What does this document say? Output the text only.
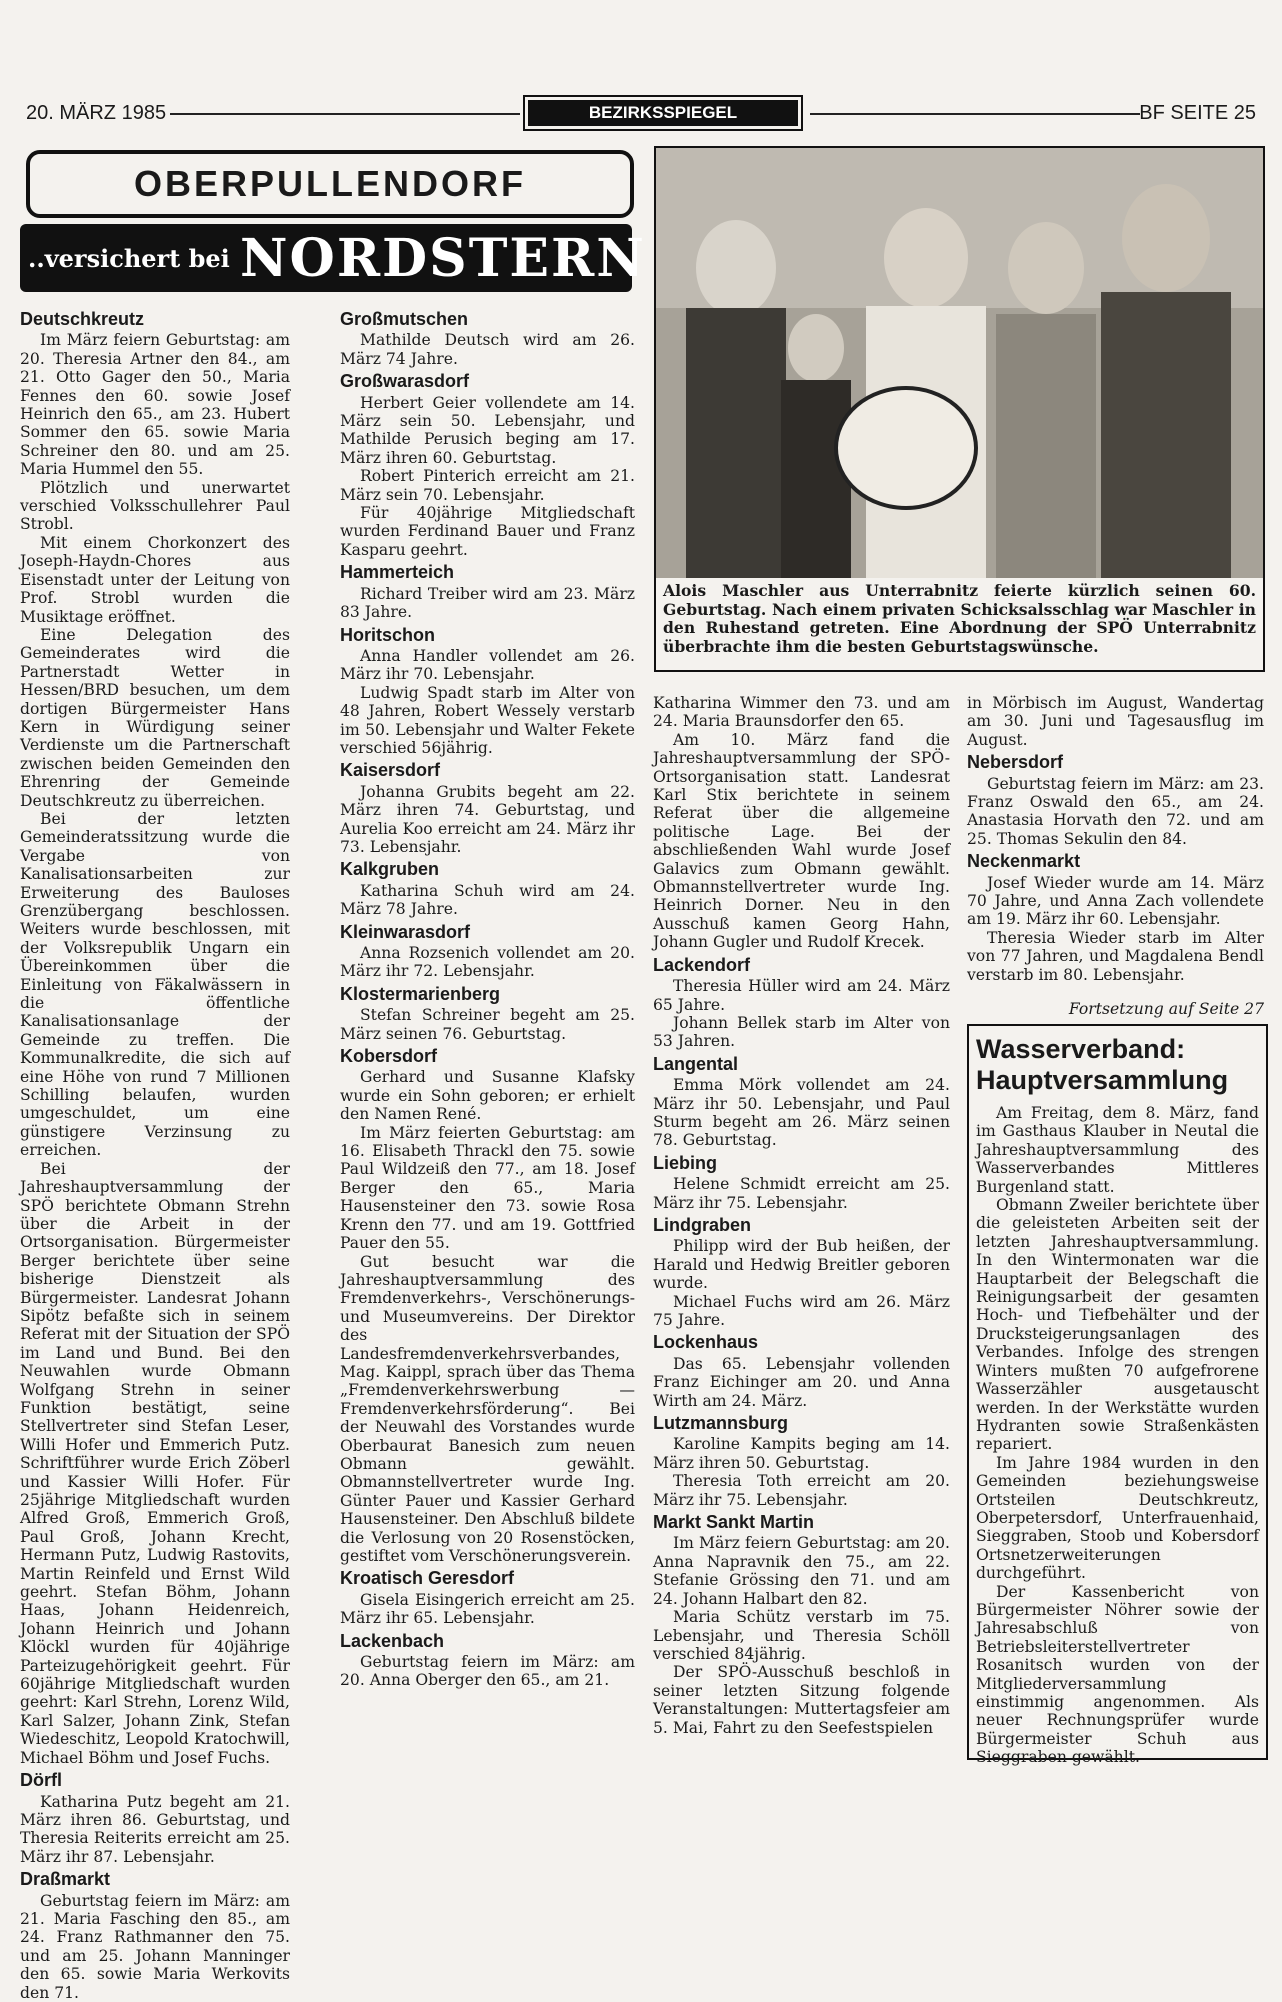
20. MÄRZ 1985	BEZIRKSSPIEGEL	BF SEITE 25
OBERPULLENDORF
..versichert bei NORDSTERN
Deutschkreutz

Im März feiern Geburtstag: am 20. Theresia Artner den 84., am 21. Otto Gager den 50., Maria Fennes den 60. sowie Josef Heinrich den 65., am 23. Hubert Sommer den 65. sowie Maria Schreiner den 80. und am 25. Maria Hummel den 55.

Plötzlich und unerwartet verschied Volksschullehrer Paul Strobl.

Mit einem Chorkonzert des Joseph-Haydn-Chores aus Eisenstadt unter der Leitung von Prof. Strobl wurden die Musiktage eröffnet.

Eine Delegation des Gemeinderates wird die Partnerstadt Wetter in Hessen/BRD besuchen, um dem dortigen Bürgermeister Hans Kern in Würdigung seiner Verdienste um die Partnerschaft zwischen beiden Gemeinden den Ehrenring der Gemeinde Deutschkreutz zu überreichen.

Bei der letzten Gemeinderatssitzung wurde die Vergabe von Kanalisationsarbeiten zur Erweiterung des Bauloses Grenzübergang beschlossen. Weiters wurde beschlossen, mit der Volksrepublik Ungarn ein Übereinkommen über die Einleitung von Fäkalwässern in die öffentliche Kanalisationsanlage der Gemeinde zu treffen. Die Kommunalkredite, die sich auf eine Höhe von rund 7 Millionen Schilling belaufen, wurden umgeschuldet, um eine günstigere Verzinsung zu erreichen.

Bei der Jahreshauptversammlung der SPÖ berichtete Obmann Strehn über die Arbeit in der Ortsorganisation. Bürgermeister Berger berichtete über seine bisherige Dienstzeit als Bürgermeister. Landesrat Johann Sipötz befaßte sich in seinem Referat mit der Situation der SPÖ im Land und Bund. Bei den Neuwahlen wurde Obmann Wolfgang Strehn in seiner Funktion bestätigt, seine Stellvertreter sind Stefan Leser, Willi Hofer und Emmerich Putz. Schriftführer wurde Erich Zöberl und Kassier Willi Hofer. Für 25jährige Mitgliedschaft wurden Alfred Groß, Emmerich Groß, Paul Groß, Johann Krecht, Hermann Putz, Ludwig Rastovits, Martin Reinfeld und Ernst Wild geehrt. Stefan Böhm, Johann Haas, Johann Heidenreich, Johann Heinrich und Johann Klöckl wurden für 40jährige Parteizugehörigkeit geehrt. Für 60jährige Mitgliedschaft wurden geehrt: Karl Strehn, Lorenz Wild, Karl Salzer, Johann Zink, Stefan Wiedeschitz, Leopold Kratochwill, Michael Böhm und Josef Fuchs.

Dörfl

Katharina Putz begeht am 21. März ihren 86. Geburtstag, und Theresia Reiterits erreicht am 25. März ihr 87. Lebensjahr.

Draßmarkt

Geburtstag feiern im März: am 21. Maria Fasching den 85., am 24. Franz Rathmanner den 75. und am 25. Johann Manninger den 65. sowie Maria Werkovits den 71.

Großmutschen

Mathilde Deutsch wird am 26. März 74 Jahre.

Großwarasdorf

Herbert Geier vollendete am 14. März sein 50. Lebensjahr, und Mathilde Perusich beging am 17. März ihren 60. Geburtstag.

Robert Pinterich erreicht am 21. März sein 70. Lebensjahr.

Für 40jährige Mitgliedschaft wurden Ferdinand Bauer und Franz Kasparu geehrt.

Hammerteich

Richard Treiber wird am 23. März 83 Jahre.

Horitschon

Anna Handler vollendet am 26. März ihr 70. Lebensjahr.

Ludwig Spadt starb im Alter von 48 Jahren, Robert Wessely verstarb im 50. Lebensjahr und Walter Fekete verschied 56jährig.

Kaisersdorf

Johanna Grubits begeht am 22. März ihren 74. Geburtstag, und Aurelia Koo erreicht am 24. März ihr 73. Lebensjahr.

Kalkgruben

Katharina Schuh wird am 24. März 78 Jahre.

Kleinwarasdorf

Anna Rozsenich vollendet am 20. März ihr 72. Lebensjahr.

Klostermarienberg

Stefan Schreiner begeht am 25. März seinen 76. Geburtstag.

Kobersdorf

Gerhard und Susanne Klafsky wurde ein Sohn geboren; er erhielt den Namen René.

Im März feierten Geburtstag: am 16. Elisabeth Thrackl den 75. sowie Paul Wildzeiß den 77., am 18. Josef Berger den 65., Maria Hausensteiner den 73. sowie Rosa Krenn den 77. und am 19. Gottfried Pauer den 55.

Gut besucht war die Jahreshauptversammlung des Fremdenverkehrs-, Verschönerungs- und Museumvereins. Der Direktor des Landesfremdenverkehrsverbandes, Mag. Kaippl, sprach über das Thema „Fremdenverkehrswerbung — Fremdenverkehrsförderung“. Bei der Neuwahl des Vorstandes wurde Oberbaurat Banesich zum neuen Obmann gewählt. Obmannstellvertreter wurde Ing. Günter Pauer und Kassier Gerhard Hausensteiner. Den Abschluß bildete die Verlosung von 20 Rosenstöcken, gestiftet vom Verschönerungsverein.

Kroatisch Geresdorf

Gisela Eisingerich erreicht am 25. März ihr 65. Lebensjahr.

Lackenbach

Geburtstag feiern im März: am 20. Anna Oberger den 65., am 21.

Alois Maschler aus Unterrabnitz feierte kürzlich seinen 60. Geburtstag. Nach einem privaten Schicksalsschlag war Maschler in den Ruhestand getreten. Eine Abordnung der SPÖ Unterrabnitz überbrachte ihm die besten Geburtstagswünsche.

Katharina Wimmer den 73. und am 24. Maria Braunsdorfer den 65.

Am 10. März fand die Jahreshauptversammlung der SPÖ-Ortsorganisation statt. Landesrat Karl Stix berichtete in seinem Referat über die allgemeine politische Lage. Bei der abschließenden Wahl wurde Josef Galavics zum Obmann gewählt. Obmannstellvertreter wurde Ing. Heinrich Dorner. Neu in den Ausschuß kamen Georg Hahn, Johann Gugler und Rudolf Krecek.

Lackendorf

Theresia Hüller wird am 24. März 65 Jahre.

Johann Bellek starb im Alter von 53 Jahren.

Langental

Emma Mörk vollendet am 24. März ihr 50. Lebensjahr, und Paul Sturm begeht am 26. März seinen 78. Geburtstag.

Liebing

Helene Schmidt erreicht am 25. März ihr 75. Lebensjahr.

Lindgraben

Philipp wird der Bub heißen, der Harald und Hedwig Breitler geboren wurde.

Michael Fuchs wird am 26. März 75 Jahre.

Lockenhaus

Das 65. Lebensjahr vollenden Franz Eichinger am 20. und Anna Wirth am 24. März.

Lutzmannsburg

Karoline Kampits beging am 14. März ihren 50. Geburtstag.

Theresia Toth erreicht am 20. März ihr 75. Lebensjahr.

Markt Sankt Martin

Im März feiern Geburtstag: am 20. Anna Napravnik den 75., am 22. Stefanie Grössing den 71. und am 24. Johann Halbart den 82.

Maria Schütz verstarb im 75. Lebensjahr, und Theresia Schöll verschied 84jährig.

Der SPÖ-Ausschuß beschloß in seiner letzten Sitzung folgende Veranstaltungen: Muttertagsfeier am 5. Mai, Fahrt zu den Seefestspielen

in Mörbisch im August, Wandertag am 30. Juni und Tagesausflug im August.

Nebersdorf

Geburtstag feiern im März: am 23. Franz Oswald den 65., am 24. Anastasia Horvath den 72. und am 25. Thomas Sekulin den 84.

Neckenmarkt

Josef Wieder wurde am 14. März 70 Jahre, und Anna Zach vollendete am 19. März ihr 60. Lebensjahr.

Theresia Wieder starb im Alter von 77 Jahren, und Magdalena Bendl verstarb im 80. Lebensjahr.

Fortsetzung auf Seite 27
Wasserverband: Hauptversammlung

Am Freitag, dem 8. März, fand im Gasthaus Klauber in Neutal die Jahreshauptversammlung des Wasserverbandes Mittleres Burgenland statt.

Obmann Zweiler berichtete über die geleisteten Arbeiten seit der letzten Jahreshauptversammlung. In den Wintermonaten war die Hauptarbeit der Belegschaft die Reinigungsarbeit der gesamten Hoch- und Tiefbehälter und der Drucksteigerungsanlagen des Verbandes. Infolge des strengen Winters mußten 70 aufgefrorene Wasserzähler ausgetauscht werden. In der Werkstätte wurden Hydranten sowie Straßenkästen repariert.

Im Jahre 1984 wurden in den Gemeinden beziehungsweise Ortsteilen Deutschkreutz, Oberpetersdorf, Unterfrauenhaid, Sieggraben, Stoob und Kobersdorf Ortsnetzerweiterungen durchgeführt.

Der Kassenbericht von Bürgermeister Nöhrer sowie der Jahresabschluß von Betriebsleiterstellvertreter Rosanitsch wurden von der Mitgliederversammlung einstimmig angenommen. Als neuer Rechnungsprüfer wurde Bürgermeister Schuh aus Sieggraben gewählt.
